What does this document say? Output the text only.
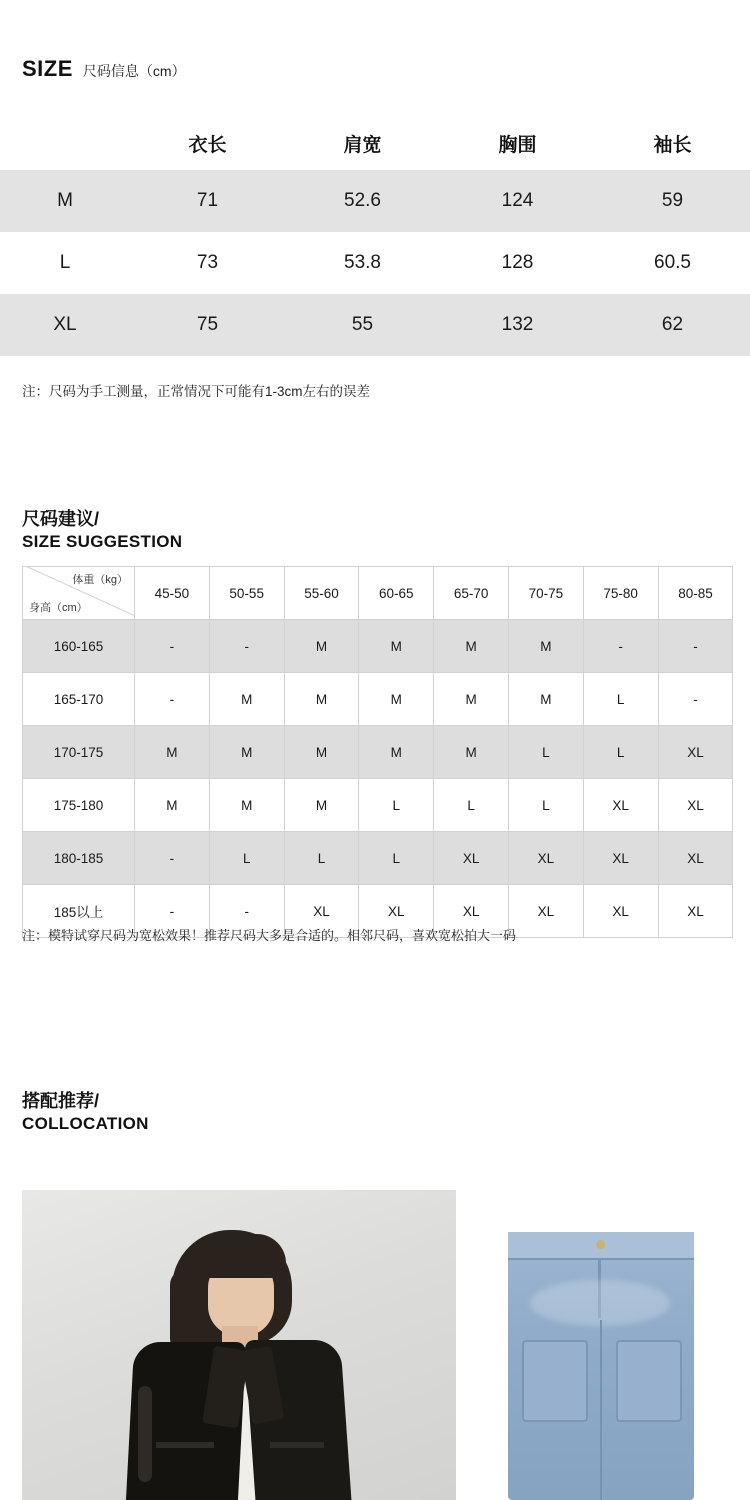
SIZE 尺码信息（cm）
	衣长	肩宽	胸围	袖长
M	71	52.6	124	59
L	73	53.8	128	60.5
XL	75	55	132	62
注：尺码为手工测量，正常情况下可能有1-3cm左右的误差
尺码建议/
SIZE SUGGESTION
体重（kg）
身高（cm）	45-50	50-55	55-60	60-65	65-70	70-75	75-80	80-85
160-165	-	-	M	M	M	M	-	-
165-170	-	M	M	M	M	M	L	-
170-175	M	M	M	M	M	L	L	XL
175-180	M	M	M	L	L	L	XL	XL
180-185	-	L	L	L	XL	XL	XL	XL
185以上	-	-	XL	XL	XL	XL	XL	XL
注：模特试穿尺码为宽松效果！推荐尺码大多是合适的。相邻尺码，喜欢宽松拍大一码
搭配推荐/
COLLOCATION
